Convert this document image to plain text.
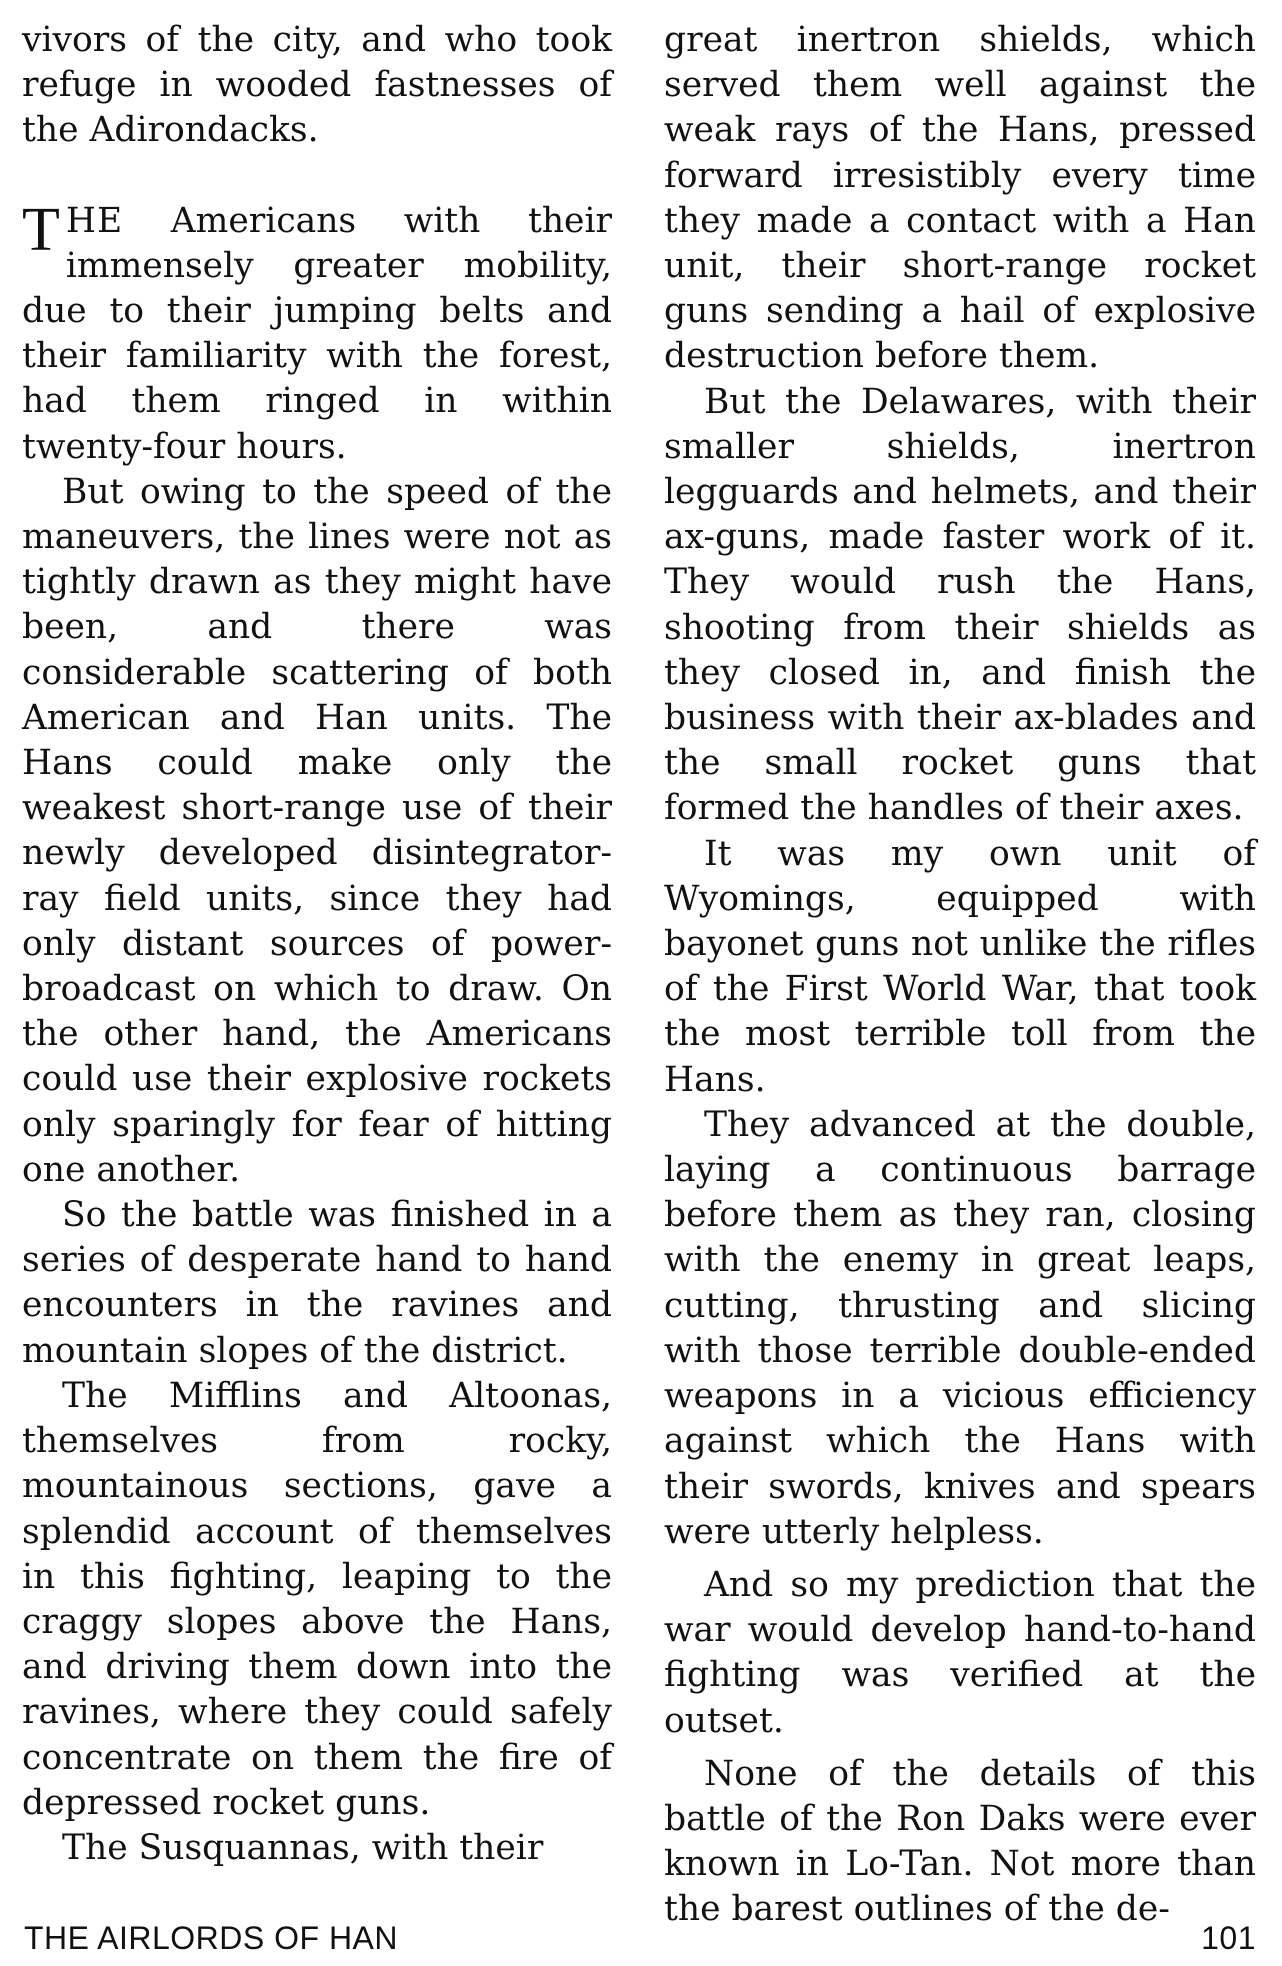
vivors of the city, and who took refuge in wooded fastnesses of the Adirondacks.

THE Americans with their immensely greater mobility, due to their jumping belts and their familiarity with the forest, had them ringed in within twenty-four hours.

But owing to the speed of the maneuvers, the lines were not as tightly drawn as they might have been, and there was considerable scattering of both American and Han units. The Hans could make only the weakest short-range use of their newly developed disintegrator-ray field units, since they had only distant sources of power-broadcast on which to draw. On the other hand, the Americans could use their explosive rockets only sparingly for fear of hitting one another.

So the battle was finished in a series of desperate hand to hand encounters in the ravines and mountain slopes of the district.

The Mifflins and Altoonas, themselves from rocky, mountainous sections, gave a splendid account of themselves in this fighting, leaping to the craggy slopes above the Hans, and driving them down into the ravines, where they could safely concentrate on them the fire of depressed rocket guns.

The Susquannas, with their

great inertron shields, which served them well against the weak rays of the Hans, pressed forward irresistibly every time they made a contact with a Han unit, their short-range rocket guns sending a hail of explosive destruction before them.

But the Delawares, with their smaller shields, inertron legguards and helmets, and their ax-guns, made faster work of it. They would rush the Hans, shooting from their shields as they closed in, and finish the business with their ax-blades and the small rocket guns that formed the handles of their axes.

It was my own unit of Wyomings, equipped with bayonet guns not unlike the rifles of the First World War, that took the most terrible toll from the Hans.

They advanced at the double, laying a continuous barrage before them as they ran, closing with the enemy in great leaps, cutting, thrusting and slicing with those terrible double-ended weapons in a vicious efficiency against which the Hans with their swords, knives and spears were utterly helpless.

And so my prediction that the war would develop hand-to-hand fighting was verified at the outset.

None of the details of this battle of the Ron Daks were ever known in Lo-Tan. Not more than the barest outlines of the de-

THE AIRLORDS OF HAN	101
